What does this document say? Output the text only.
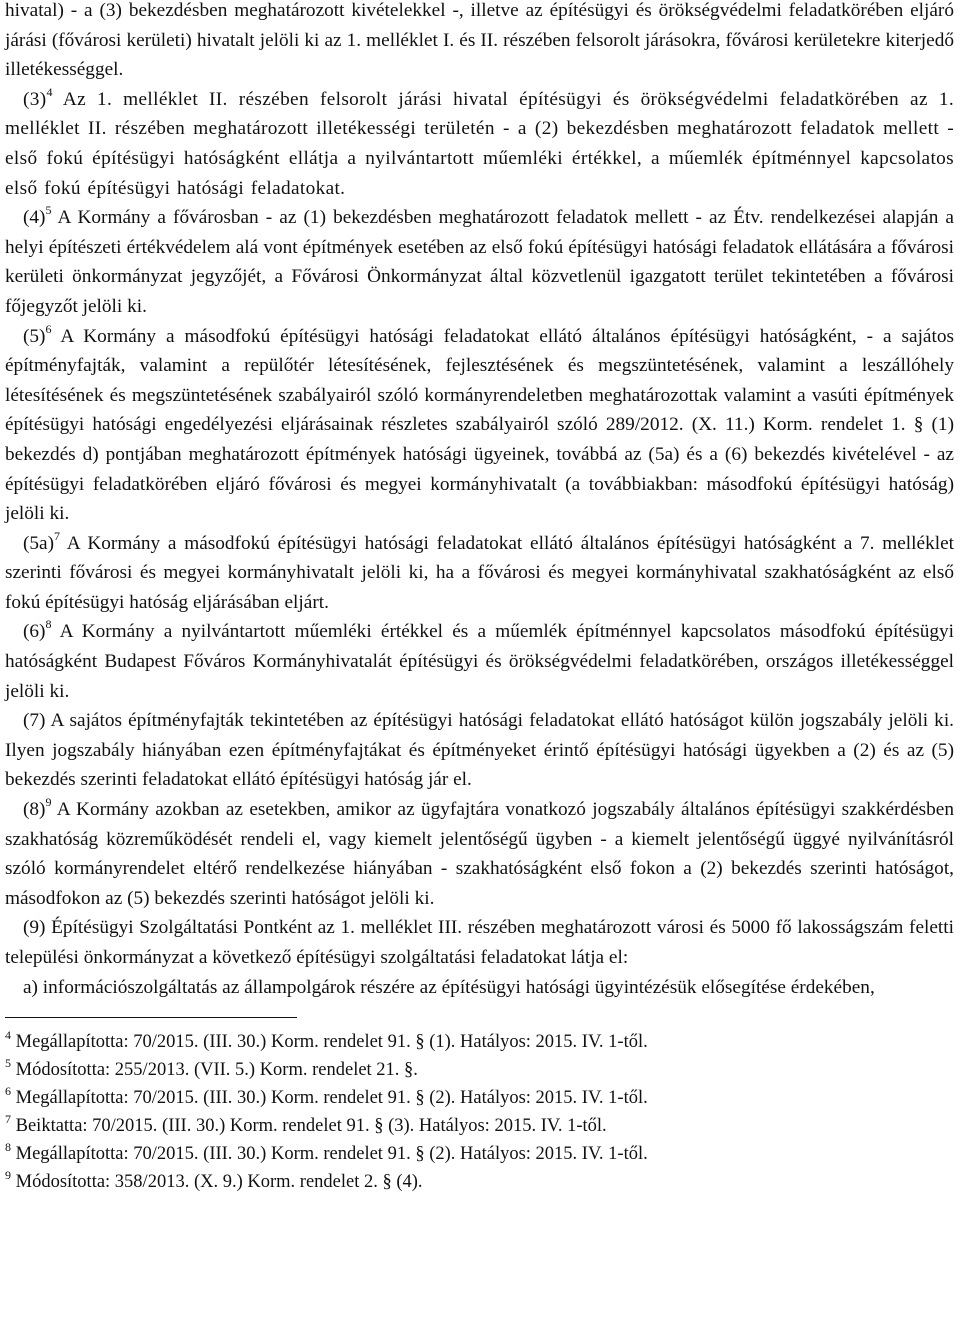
hivatal) - a (3) bekezdésben meghatározott kivételekkel -, illetve az építésügyi és örökségvédelmi feladatkörében eljáró járási (fővárosi kerületi) hivatalt jelöli ki az 1. melléklet I. és II. részében felsorolt járásokra, fővárosi kerületekre kiterjedő illetékességgel.

$(3)^4$ Az 1. melléklet II. részében felsorolt járási hivatal építésügyi és örökségvédelmi feladatkörében az 1. melléklet II. részében meghatározott illetékességi területén - a (2) bekezdésben meghatározott feladatok mellett - első fokú építésügyi hatóságként ellátja a nyilvántartott műemléki értékkel, a műemlék építménnyel kapcsolatos első fokú építésügyi hatósági feladatokat.

$(4)^5$ A Kormány a fővárosban - az (1) bekezdésben meghatározott feladatok mellett - az Étv. rendelkezései alapján a helyi építészeti értékvédelem alá vont építmények esetében az első fokú építésügyi hatósági feladatok ellátására a fővárosi kerületi önkormányzat jegyzőjét, a Fővárosi Önkormányzat által közvetlenül igazgatott terület tekintetében a fővárosi főjegyzőt jelöli ki.

$(5)^6$ A Kormány a másodfokú építésügyi hatósági feladatokat ellátó általános építésügyi hatóságként, - a sajátos építményfajták, valamint a repülőtér létesítésének, fejlesztésének és megszüntetésének, valamint a leszállóhely létesítésének és megszüntetésének szabályairól szóló kormányrendeletben meghatározottak valamint a vasúti építmények építésügyi hatósági engedélyezési eljárásainak részletes szabályairól szóló 289/2012. (X. 11.) Korm. rendelet 1. § (1) bekezdés d) pontjában meghatározott építmények hatósági ügyeinek, továbbá az (5a) és a (6) bekezdés kivételével - az építésügyi feladatkörében eljáró fővárosi és megyei kormányhivatalt (a továbbiakban: másodfokú építésügyi hatóság) jelöli ki.

$(5a)^7$ A Kormány a másodfokú építésügyi hatósági feladatokat ellátó általános építésügyi hatóságként a 7. melléklet szerinti fővárosi és megyei kormányhivatalt jelöli ki, ha a fővárosi és megyei kormányhivatal szakhatóságként az első fokú építésügyi hatóság eljárásában eljárt.

$(6)^8$ A Kormány a nyilvántartott műemléki értékkel és a műemlék építménnyel kapcsolatos másodfokú építésügyi hatóságként Budapest Főváros Kormányhivatalát építésügyi és örökségvédelmi feladatkörében, országos illetékességgel jelöli ki.

(7) A sajátos építményfajták tekintetében az építésügyi hatósági feladatokat ellátó hatóságot külön jogszabály jelöli ki. Ilyen jogszabály hiányában ezen építményfajtákat és építményeket érintő építésügyi hatósági ügyekben a (2) és az (5) bekezdés szerinti feladatokat ellátó építésügyi hatóság jár el.

$(8)^9$ A Kormány azokban az esetekben, amikor az ügyfajtára vonatkozó jogszabály általános építésügyi szakkérdésben szakhatóság közreműködését rendeli el, vagy kiemelt jelentőségű ügyben - a kiemelt jelentőségű üggyé nyilvánításról szóló kormányrendelet eltérő rendelkezése hiányában - szakhatóságként első fokon a (2) bekezdés szerinti hatóságot, másodfokon az (5) bekezdés szerinti hatóságot jelöli ki.

(9) Építésügyi Szolgáltatási Pontként az 1. melléklet III. részében meghatározott városi és 5000 fő lakosságszám feletti települési önkormányzat a következő építésügyi szolgáltatási feladatokat látja el:

a) információszolgáltatás az állampolgárok részére az építésügyi hatósági ügyintézésük elősegítése érdekében,

$^4$ Megállapította: 70/2015. (III. 30.) Korm. rendelet 91. § (1). Hatályos: 2015. IV. 1-től.

$^5$ Módosította: 255/2013. (VII. 5.) Korm. rendelet 21. §.

$^6$ Megállapította: 70/2015. (III. 30.) Korm. rendelet 91. § (2). Hatályos: 2015. IV. 1-től.

$^7$ Beiktatta: 70/2015. (III. 30.) Korm. rendelet 91. § (3). Hatályos: 2015. IV. 1-től.

$^8$ Megállapította: 70/2015. (III. 30.) Korm. rendelet 91. § (2). Hatályos: 2015. IV. 1-től.

$^9$ Módosította: 358/2013. (X. 9.) Korm. rendelet 2. § (4).
